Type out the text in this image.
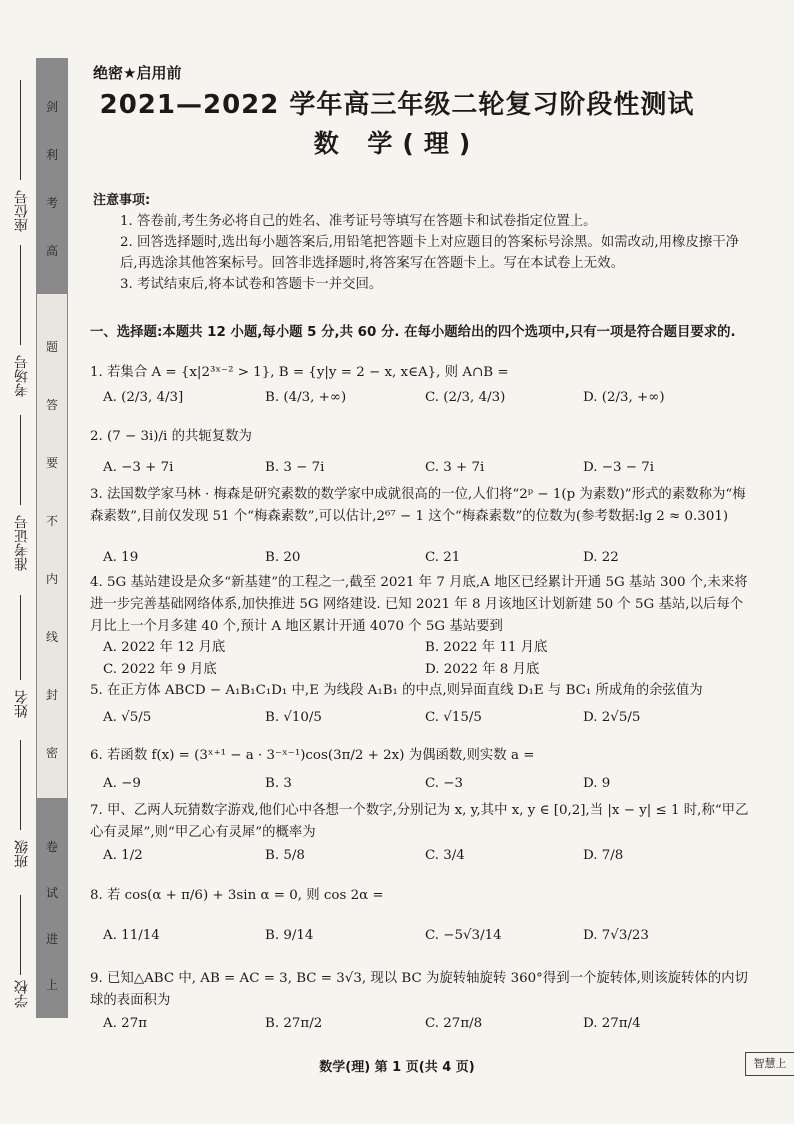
剑
利
考
高
题
答
要
不
内
线
封
密
卷
试
进
上
座位号
考场号
准考证号
姓名
班级
学校
绝密★启用前
2021—2022 学年高三年级二轮复习阶段性测试
数 学(理)
注意事项:
1. 答卷前,考生务必将自己的姓名、准考证号等填写在答题卡和试卷指定位置上。
2. 回答选择题时,选出每小题答案后,用铅笔把答题卡上对应题目的答案标号涂黑。如需改动,用橡皮擦干净后,再选涂其他答案标号。回答非选择题时,将答案写在答题卡上。写在本试卷上无效。
3. 考试结束后,将本试卷和答题卡一并交回。
一、选择题:本题共 12 小题,每小题 5 分,共 60 分. 在每小题给出的四个选项中,只有一项是符合题目要求的.
1. 若集合 A = {x|2³ˣ⁻² > 1}, B = {y|y = 2 − x, x∈A}, 则 A∩B =
A. (2/3, 4/3]	B. (4/3, +∞)	C. (2/3, 4/3)	D. (2/3, +∞)
2. (7 − 3i)/i 的共轭复数为
A. −3 + 7i	B. 3 − 7i	C. 3 + 7i	D. −3 − 7i
3. 法国数学家马林 · 梅森是研究素数的数学家中成就很高的一位,人们将“2ᵖ − 1(p 为素数)”形式的素数称为“梅森素数”,目前仅发现 51 个“梅森素数”,可以估计,2⁶⁷ − 1 这个“梅森素数”的位数为(参考数据:lg 2 ≈ 0.301)
A. 19	B. 20	C. 21	D. 22
4. 5G 基站建设是众多“新基建”的工程之一,截至 2021 年 7 月底,A 地区已经累计开通 5G 基站 300 个,未来将进一步完善基础网络体系,加快推进 5G 网络建设. 已知 2021 年 8 月该地区计划新建 50 个 5G 基站,以后每个月比上一个月多建 40 个,预计 A 地区累计开通 4070 个 5G 基站要到
A. 2022 年 12 月底	B. 2022 年 11 月底
C. 2022 年 9 月底	D. 2022 年 8 月底
5. 在正方体 ABCD − A₁B₁C₁D₁ 中,E 为线段 A₁B₁ 的中点,则异面直线 D₁E 与 BC₁ 所成角的余弦值为
A. √5/5	B. √10/5	C. √15/5	D. 2√5/5
6. 若函数 f(x) = (3ˣ⁺¹ − a · 3⁻ˣ⁻¹)cos(3π/2 + 2x) 为偶函数,则实数 a =
A. −9	B. 3	C. −3	D. 9
7. 甲、乙两人玩猜数字游戏,他们心中各想一个数字,分别记为 x, y,其中 x, y ∈ [0,2],当 |x − y| ≤ 1 时,称“甲乙心有灵犀”,则“甲乙心有灵犀”的概率为
A. 1/2	B. 5/8	C. 3/4	D. 7/8
8. 若 cos(α + π/6) + 3sin α = 0, 则 cos 2α =
A. 11/14	B. 9/14	C. −5√3/14	D. 7√3/23
9. 已知△ABC 中, AB = AC = 3, BC = 3√3, 现以 BC 为旋转轴旋转 360°得到一个旋转体,则该旋转体的内切球的表面积为
A. 27π	B. 27π/2	C. 27π/8	D. 27π/4
数学(理) 第 1 页(共 4 页)	智慧上
